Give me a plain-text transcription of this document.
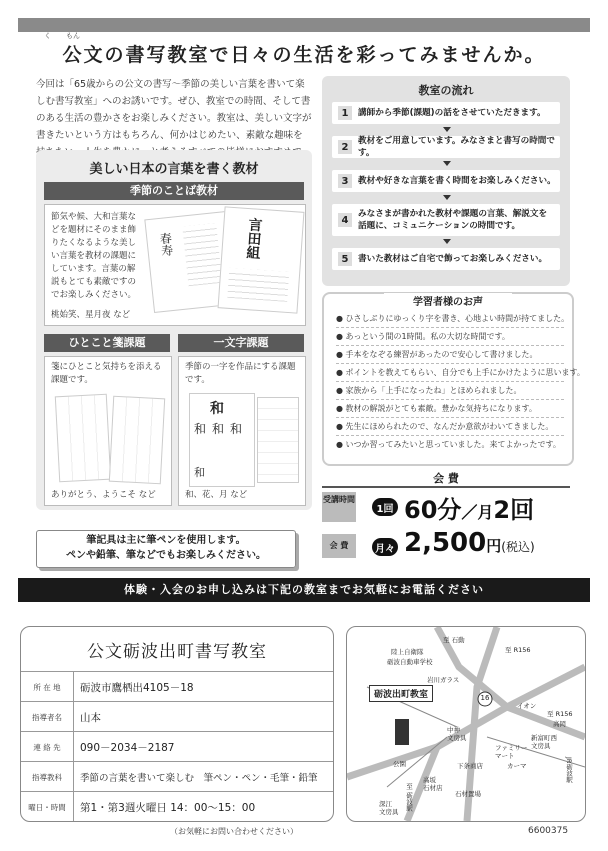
く もん
公文の書写教室で日々の生活を彩ってみませんか。
今回は「65歳からの公文の書写〜季節の美しい言葉を書いて楽しむ書写教室」へのお誘いです。ぜひ、教室での時間、そして書のある生活の豊かさをお楽しみください。教室は、美しい文字が書きたいという方はもちろん、何かはじめたい、素敵な趣味を
美しい日本の言葉を書く教材
季節のことば教材
節気や候、大和言葉などを題材にそのまま飾りたくなるような美しい言葉を教材の課題にしています。言葉の解説もとても素敵ですのでお楽しみください。
春寿	言田組
桃始笑、星月夜 など
ひとこと箋課題	一文字課題
箋にひとこと気持ちを添える課題です。
ありがとう、ようこそ など
季節の一字を作品にする課題です。
和
和 和 和
和
和、花、月 など
教室の流れ
1	講師から季節(課題)の話をさせていただきます。
2
教材をご用意しています。みなさまと書写の時間です。
3	教材や好きな言葉を書く時間をお楽しみください。
4
みなさまが書かれた教材や課題の言葉、解説文を話題に、コミュニケーションの時間です。
5	書いた教材はご自宅で飾ってお楽しみください。
学習者様のお声
● ひさしぶりにゆっくり字を書き、心地よい時間が持てました。
● あっという間の1時間。私の大切な時間です。
● 手本をなぞる練習があったので安心して書けました。
● ポイントを教えてもらい、自分でも上手にかけたように思います。
● 家族から「上手になったね」とほめられました。
● 教材の解説がとても素敵。豊かな気持ちになります。
● 先生にほめられたので、なんだか意欲がわいてきました。
● いつか習ってみたいと思っていました。来てよかったです。
会 費
受講時間
1回 60分／月2回
会 費	月々 2,500円(税込)
筆記具は主に筆ペンを使用します。
ペンや鉛筆、筆などでもお楽しみください。
体験・入会のお申し込みは下記の教室までお気軽にお電話ください
公文砺波出町書写教室
所 在 地	砺波市鷹栖出4105－18
指導者名	山本
連 絡 先	090－2034－2187
指導教科	季節の言葉を書いて楽しむ　筆ペン・ペン・毛筆・鉛筆
曜日・時間	第1・第3週火曜日 14：00～15：00
砺波出町教室	16
至 石動
至 R156
陸上自衛隊
砺波自動車学校
岩川ガラス
イオン
至 R156
高岡
中神
文房具
ファミリー
マート
カーマ
新富町西
文房具
公園	下条商店
高坂
石材店
石材置場
深江
文房具
至 砺波駅
JR砺波駅
（お気軽にお問い合わせください）	6600375
